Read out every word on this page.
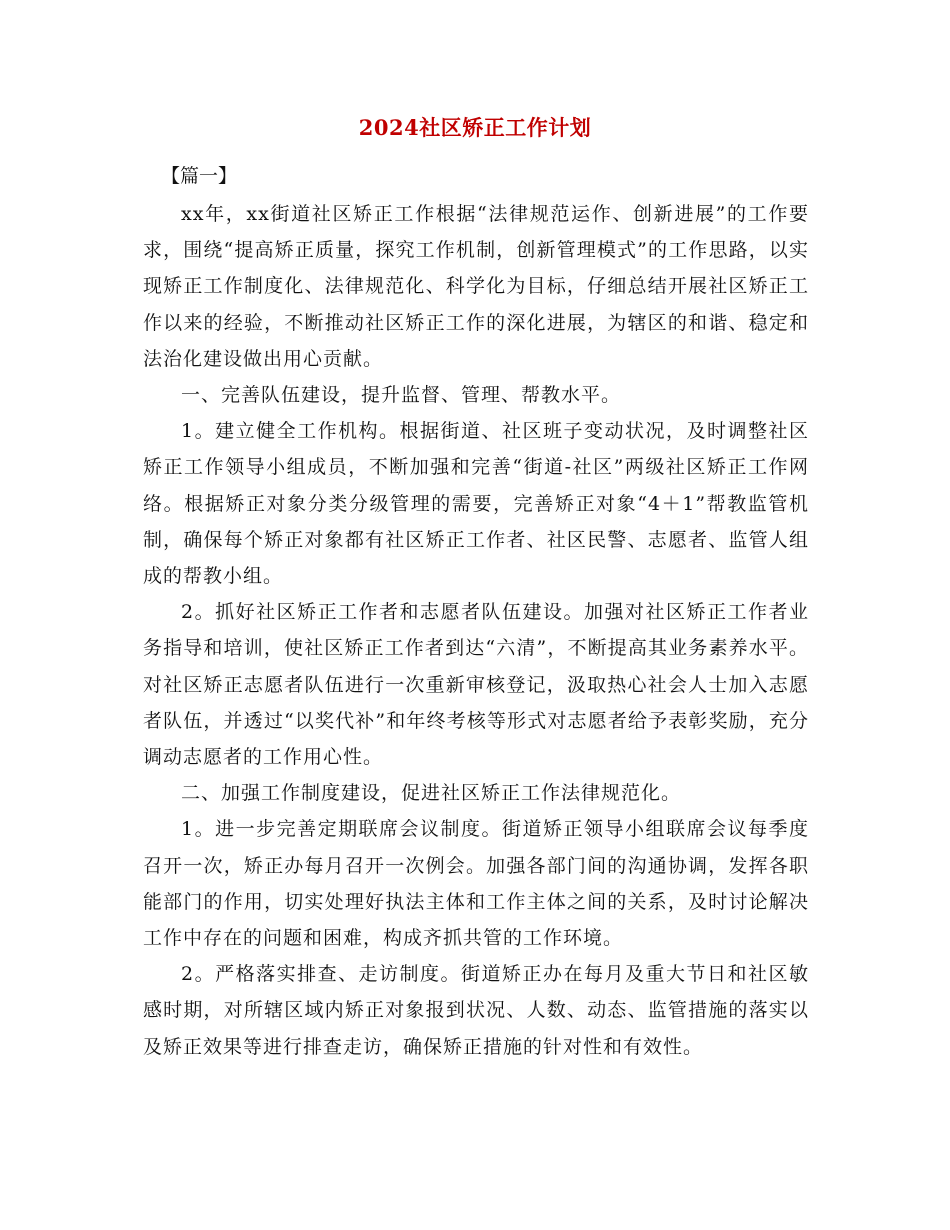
2024社区矫正工作计划
【篇一】

xx年，xx街道社区矫正工作根据“法律规范运作、创新进展”的工作要求，围绕“提高矫正质量，探究工作机制，创新管理模式”的工作思路，以实现矫正工作制度化、法律规范化、科学化为目标，仔细总结开展社区矫正工作以来的经验，不断推动社区矫正工作的深化进展，为辖区的和谐、稳定和法治化建设做出用心贡献。

一、完善队伍建设，提升监督、管理、帮教水平。

1。建立健全工作机构。根据街道、社区班子变动状况，及时调整社区矫正工作领导小组成员，不断加强和完善“街道-社区”两级社区矫正工作网络。根据矫正对象分类分级管理的需要，完善矫正对象“4＋1”帮教监管机制，确保每个矫正对象都有社区矫正工作者、社区民警、志愿者、监管人组成的帮教小组。

2。抓好社区矫正工作者和志愿者队伍建设。加强对社区矫正工作者业务指导和培训，使社区矫正工作者到达“六清”，不断提高其业务素养水平。对社区矫正志愿者队伍进行一次重新审核登记，汲取热心社会人士加入志愿者队伍，并透过“以奖代补”和年终考核等形式对志愿者给予表彰奖励，充分调动志愿者的工作用心性。

二、加强工作制度建设，促进社区矫正工作法律规范化。

1。进一步完善定期联席会议制度。街道矫正领导小组联席会议每季度召开一次，矫正办每月召开一次例会。加强各部门间的沟通协调，发挥各职能部门的作用，切实处理好执法主体和工作主体之间的关系，及时讨论解决工作中存在的问题和困难，构成齐抓共管的工作环境。

2。严格落实排查、走访制度。街道矫正办在每月及重大节日和社区敏感时期，对所辖区域内矫正对象报到状况、人数、动态、监管措施的落实以及矫正效果等进行排查走访，确保矫正措施的针对性和有效性。
